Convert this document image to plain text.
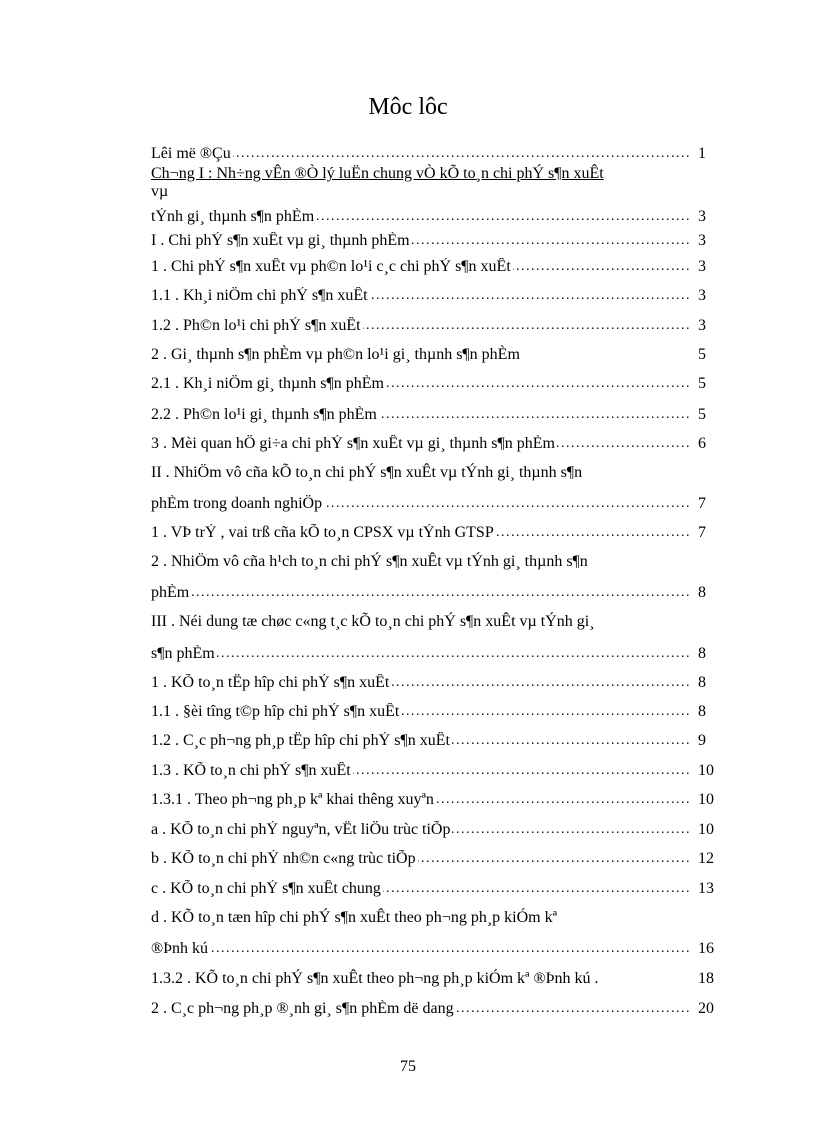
Môc lôc
Lêi më ®Çu . . .	1
Ch¬ng I : Nh÷ng vÊn ®Ò lý luËn chung vÒ kÕ to¸n chi phÝ s¶n xuÊt
vµ
tÝnh gi¸ thµnh s¶n phÈm . . .	3
I . Chi phÝ s¶n xuÊt vµ gi¸ thµnh phÈm . . .	3
1 . Chi phÝ s¶n xuÊt vµ ph©n lo¹i c¸c chi phÝ s¶n xuÊt . . .	3
1.1 . Kh¸i niÖm chi phÝ s¶n xuÊt . . .	3
1.2 . Ph©n lo¹i chi phÝ s¶n xuÊt . . .	3
2 . Gi¸ thµnh s¶n phÈm vµ ph©n lo¹i gi¸ thµnh s¶n phÈm	5
2.1 . Kh¸i niÖm gi¸ thµnh s¶n phÈm . . .	5
2.2 . Ph©n lo¹i gi¸ thµnh s¶n phÈm . . .	5
3 . Mèi quan hÖ gi÷a chi phÝ s¶n xuÊt vµ gi¸ thµnh s¶n phÈm . . .	6
II . NhiÖm vô cña kÕ to¸n chi phÝ s¶n xuÊt vµ tÝnh gi¸ thµnh s¶n
phÈm trong doanh nghiÖp . . .	7
1 . VÞ trÝ , vai trß cña kÕ to¸n CPSX vµ tÝnh GTSP . . .	7
2 . NhiÖm vô cña h¹ch to¸n chi phÝ s¶n xuÊt vµ tÝnh gi¸ thµnh s¶n
phÈm . . .	8
III . Néi dung tæ chøc c«ng t¸c kÕ to¸n chi phÝ s¶n xuÊt vµ tÝnh gi¸
s¶n phÈm . . .	8
1 . KÕ to¸n tËp hîp chi phÝ s¶n xuÊt . . .	8
1.1 . §èi tîng t©p hîp chi phÝ s¶n xuÊt . . .	8
1.2 . C¸c ph¬ng ph¸p tËp hîp chi phÝ s¶n xuÊt . . .	9
1.3 . KÕ to¸n chi phÝ s¶n xuÊt . . .	10
1.3.1 . Theo ph¬ng ph¸p kª khai thêng xuyªn . . .	10
a . KÕ to¸n chi phÝ nguyªn, vËt liÖu trùc tiÕp . . .	10
b . KÕ to¸n chi phÝ nh©n c«ng trùc tiÕp . . .	12
c . KÕ to¸n chi phÝ s¶n xuÊt chung . . .	13
d . KÕ to¸n tæn hîp chi phÝ s¶n xuÊt theo ph¬ng ph¸p kiÓm kª
®Þnh kú . . .	16
1.3.2 . KÕ to¸n chi phÝ s¶n xuÊt theo ph¬ng ph¸p kiÓm kª ®Þnh kú .	18
2 . C¸c ph¬ng ph¸p ®¸nh gi¸ s¶n phÈm dë dang . . .	20
75
